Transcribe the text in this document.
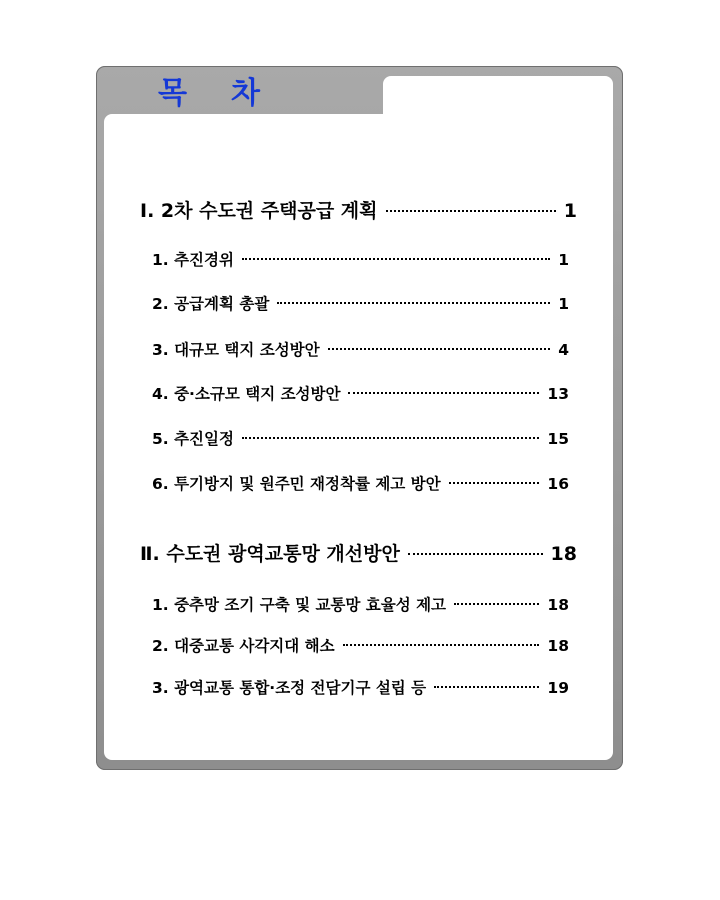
목 차
Ⅰ. 2차 수도권 주택공급 계획	1
1. 추진경위	1
2. 공급계획 총괄	1
3. 대규모 택지 조성방안	4
4. 중·소규모 택지 조성방안	13
5. 추진일정	15
6. 투기방지 및 원주민 재정착률 제고 방안	16
Ⅱ. 수도권 광역교통망 개선방안	18
1. 중추망 조기 구축 및 교통망 효율성 제고	18
2. 대중교통 사각지대 해소	18
3. 광역교통 통합·조정 전담기구 설립 등	19
